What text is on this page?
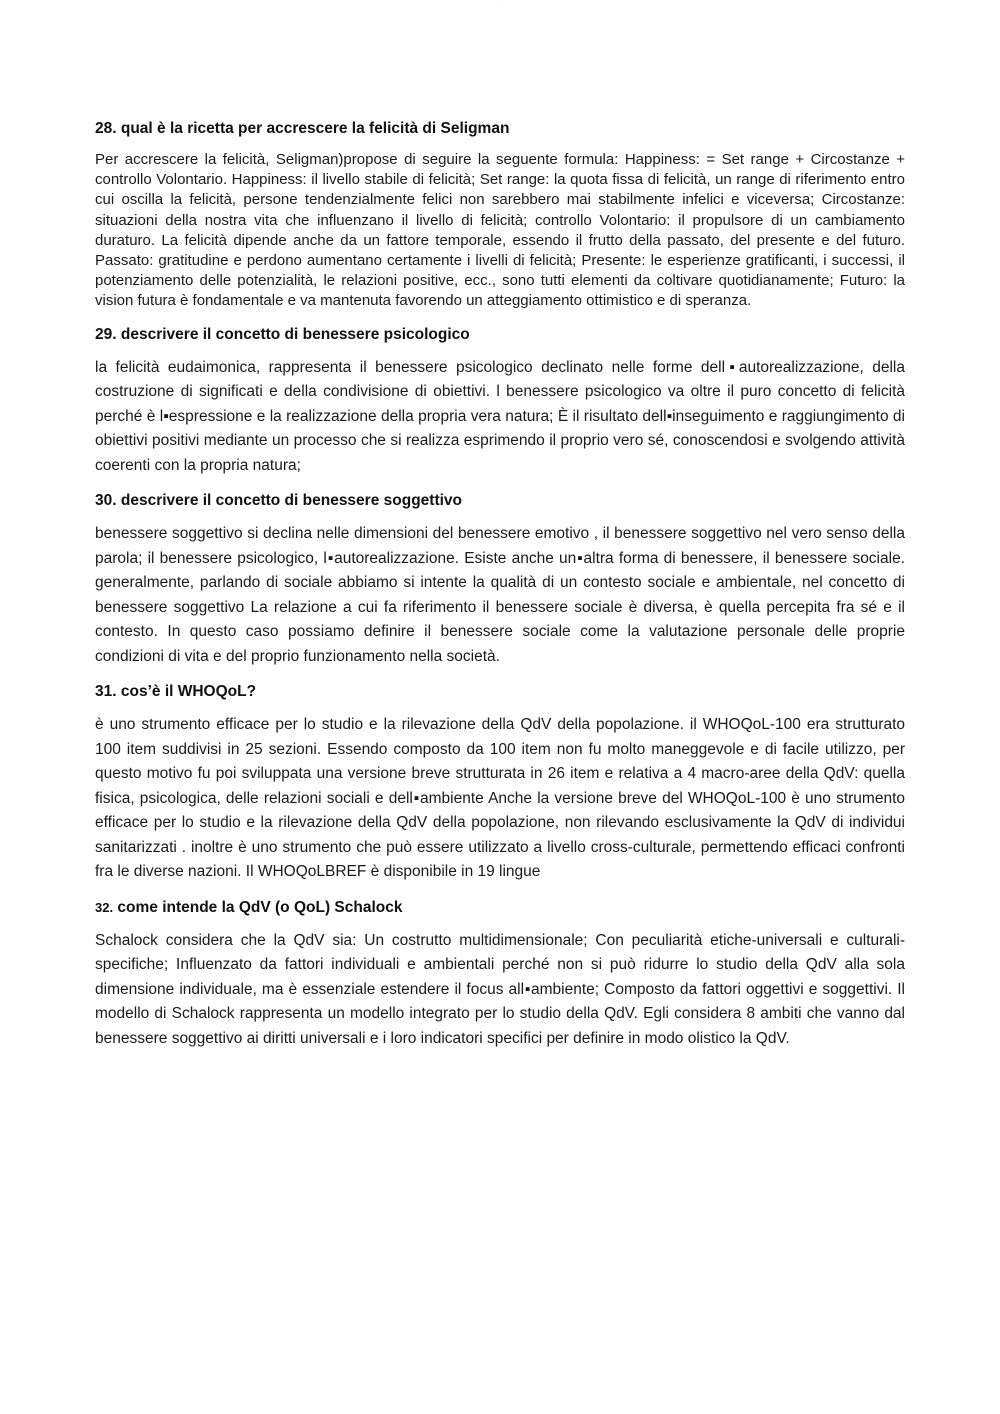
· · ·

28. qual è la ricetta per accrescere la felicità di Seligman

Per accrescere la felicità, Seligman)propose di seguire la seguente formula: Happiness: = Set range + Circostanze + controllo Volontario. Happiness: il livello stabile di felicità; Set range: la quota fissa di felicità, un range di riferimento entro cui oscilla la felicità, persone tendenzialmente felici non sarebbero mai stabilmente infelici e viceversa; Circostanze: situazioni della nostra vita che influenzano il livello di felicità; controllo Volontario: il propulsore di un cambiamento duraturo. La felicità dipende anche da un fattore temporale, essendo il frutto della passato, del presente e del futuro. Passato: gratitudine e perdono aumentano certamente i livelli di felicità; Presente: le esperienze gratificanti, i successi, il potenziamento delle potenzialità, le relazioni positive, ecc., sono tutti elementi da coltivare quotidianamente; Futuro: la vision futura è fondamentale e va mantenuta favorendo un atteggiamento ottimistico e di speranza.

29. descrivere il concetto di benessere psicologico

la felicità eudaimonica, rappresenta il benessere psicologico declinato nelle forme dell▪autorealizzazione, della costruzione di significati e della condivisione di obiettivi. l benessere psicologico va oltre il puro concetto di felicità perché è l▪espressione e la realizzazione della propria vera natura; È il risultato dell▪inseguimento e raggiungimento di obiettivi positivi mediante un processo che si realizza esprimendo il proprio vero sé, conoscendosi e svolgendo attività coerenti con la propria natura;

30. descrivere il concetto di benessere soggettivo

benessere soggettivo si declina nelle dimensioni del benessere emotivo , il benessere soggettivo nel vero senso della parola; il benessere psicologico, l▪autorealizzazione. Esiste anche un▪altra forma di benessere, il benessere sociale. generalmente, parlando di sociale abbiamo si intente la qualità di un contesto sociale e ambientale, nel concetto di benessere soggettivo La relazione a cui fa riferimento il benessere sociale è diversa, è quella percepita fra sé e il contesto. In questo caso possiamo definire il benessere sociale come la valutazione personale delle proprie condizioni di vita e del proprio funzionamento nella società.

31. cos’è il WHOQoL?

è uno strumento efficace per lo studio e la rilevazione della QdV della popolazione. il WHOQoL-100 era strutturato 100 item suddivisi in 25 sezioni. Essendo composto da 100 item non fu molto maneggevole e di facile utilizzo, per questo motivo fu poi sviluppata una versione breve strutturata in 26 item e relativa a 4 macro-aree della QdV: quella fisica, psicologica, delle relazioni sociali e dell▪ambiente Anche la versione breve del WHOQoL-100 è uno strumento efficace per lo studio e la rilevazione della QdV della popolazione, non rilevando esclusivamente la QdV di individui sanitarizzati . inoltre è uno strumento che può essere utilizzato a livello cross-culturale, permettendo efficaci confronti fra le diverse nazioni. Il WHOQoLBREF è disponibile in 19 lingue

32. come intende la QdV (o QoL) Schalock

Schalock considera che la QdV sia: Un costrutto multidimensionale; Con peculiarità etiche-universali e culturali-specifiche; Influenzato da fattori individuali e ambientali perché non si può ridurre lo studio della QdV alla sola dimensione individuale, ma è essenziale estendere il focus all▪ambiente; Composto da fattori oggettivi e soggettivi. Il modello di Schalock rappresenta un modello integrato per lo studio della QdV. Egli considera 8 ambiti che vanno dal benessere soggettivo ai diritti universali e i loro indicatori specifici per definire in modo olistico la QdV.
